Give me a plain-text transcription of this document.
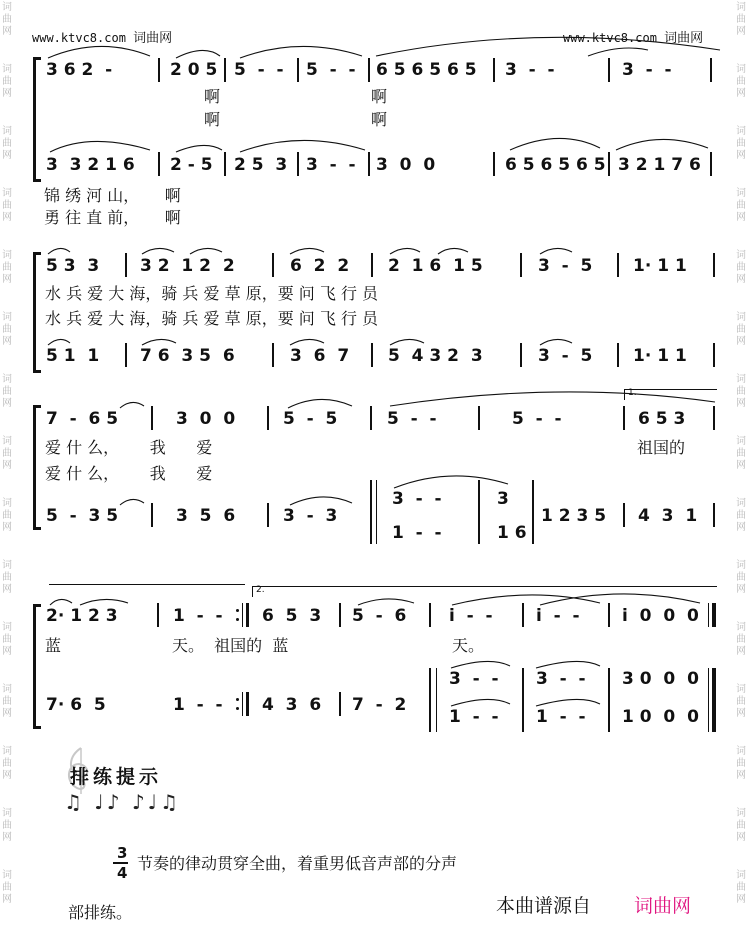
词
曲
网
词
曲
网
词
曲
网
词
曲
网
词
曲
网
词
曲
网
词
曲
网
词
曲
网
词
曲
网
词
曲
网
词
曲
网
词
曲
网
词
曲
网
词
曲
网
词
曲
网
词
曲
网
词
曲
网
词
曲
网
词
曲
网
词
曲
网
词
曲
网
词
曲
网
词
曲
网
词
曲
网
词
曲
网
词
曲
网
词
曲
网
词
曲
网
词
曲
网
词
曲
网
www.ktvc8.com 词曲网	www.ktvc8.com 词曲网
3 6 2  -	2 0 5 5  -  - 5  -  - 6 5 6 5 6 5 3  -  -	3  -  -
啊	啊
啊	啊
3  3 2 1 6 2 - 5 2 5  3 3  -  - 3  0  0	6 5 6 5 6 5 3 2 1 7 6
锦 绣 河 山，     啊
勇 往 直 前，     啊
5 3  3 3 2  1 2  2	6  2  2 2  1 6  1 5	3  -  5 1· 1 1
水 兵 爱 大 海，骑 兵 爱 草 原，要 问 飞 行 员
水 兵 爱 大 海，骑 兵 爱 草 原，要 问 飞 行 员
5 1  1 7 6  3 5  6	3  6  7 5  4 3 2  3	3  -  5 1· 1 1
1.
7  -  6 5	3  0  0	5  -  5	5  -  -	5  -  -	6 5 3
爱 什 么，      我      爱	祖国的
爱 什 么，      我      爱
5  -  3 5	3  5  6	3  -  3
3  -  -
1  -  -
3
1 6
1 2 3 5 4  3  1
2.
2· 1 2 3	1  -  - 6  5  3 5  -  6	i  -  -	i  -  - i  0  0  0
蓝	天。  祖国的  蓝	天。
7· 6  5	1  -  - 4  3  6 7  -  2
3  -  -
1  -  -
3  -  -
1  -  -
3 0  0  0
1 0  0  0
排练提示
♫ ♩♪ ♪♩♫
3
4 节奏的律动贯穿全曲，着重男低音声部的分声
部排练。	本曲谱源自 词曲网
